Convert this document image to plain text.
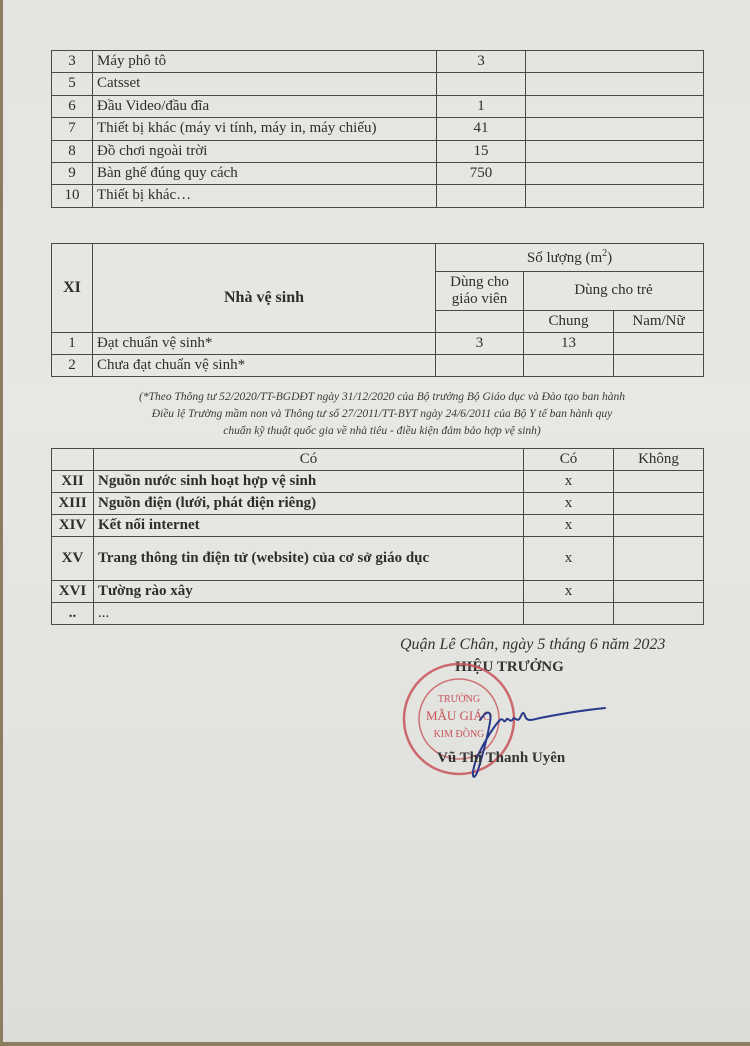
3	Máy phô tô	3	
5	Catsset		
6	Đầu Video/đầu đĩa	1	
7	Thiết bị khác (máy vi tính, máy in, máy chiếu)	41	
8	Đồ chơi ngoài trời	15	
9	Bàn ghế đúng quy cách	750	
10	Thiết bị khác…		
XI	Nhà vệ sinh	Số lượng $(m^2)$		
		Dùng cho giáo viên	Dùng cho trẻ	
			Chung	Nam/Nữ
1	Đạt chuẩn vệ sinh*	3	13	
2	Chưa đạt chuẩn vệ sinh*			
(*Theo Thông tư 52/2020/TT-BGDĐT ngày 31/12/2020 của Bộ trưởng Bộ Giáo dục và Đào tạo ban hành
Điều lệ Trường mầm non và Thông tư số 27/2011/TT-BYT ngày 24/6/2011 của Bộ Y tế ban hành quy
chuẩn kỹ thuật quốc gia về nhà tiêu - điều kiện đảm bảo hợp vệ sinh)
	Có	Có	Không
XII	Nguồn nước sinh hoạt hợp vệ sinh	x	
XIII	Nguồn điện (lưới, phát điện riêng)	x	
XIV	Kết nối internet	x	
XV	Trang thông tin điện tử (website) của cơ sở giáo dục	x	
XVI	Tường rào xây	x	
..	...		
Quận Lê Chân, ngày 5 tháng 6 năm 2023
HIỆU TRƯỞNG
TRƯỜNG
MẪU GIÁO
KIM ĐỒNG
Vũ Thị Thanh Uyên
